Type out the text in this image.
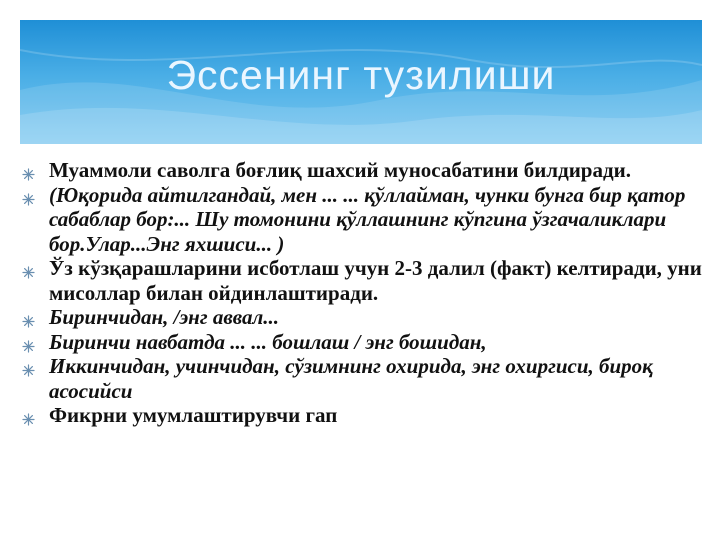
Эссенинг тузилиши
Муаммоли саволга боғлиқ шахсий муносабатини билдиради.
(Юқорида айтилгандай, мен ... ... қўллайман, чунки бунга бир қатор сабаблар бор:... Шу томонини қўллашнинг кўпгина ўзгачаликлари бор.Улар...Энг яхшиси... )
Ўз кўзқарашларини исботлаш учун 2-3 далил (факт) келтиради, уни мисоллар билан ойдинлаштиради.
Биринчидан, /энг аввал...
Биринчи навбатда ... ... бошлаш / энг бошидан,
Иккинчидан, учинчидан, сўзимнинг охирида, энг охиргиси, бироқ асосийси
Фикрни умумлаштирувчи гап
